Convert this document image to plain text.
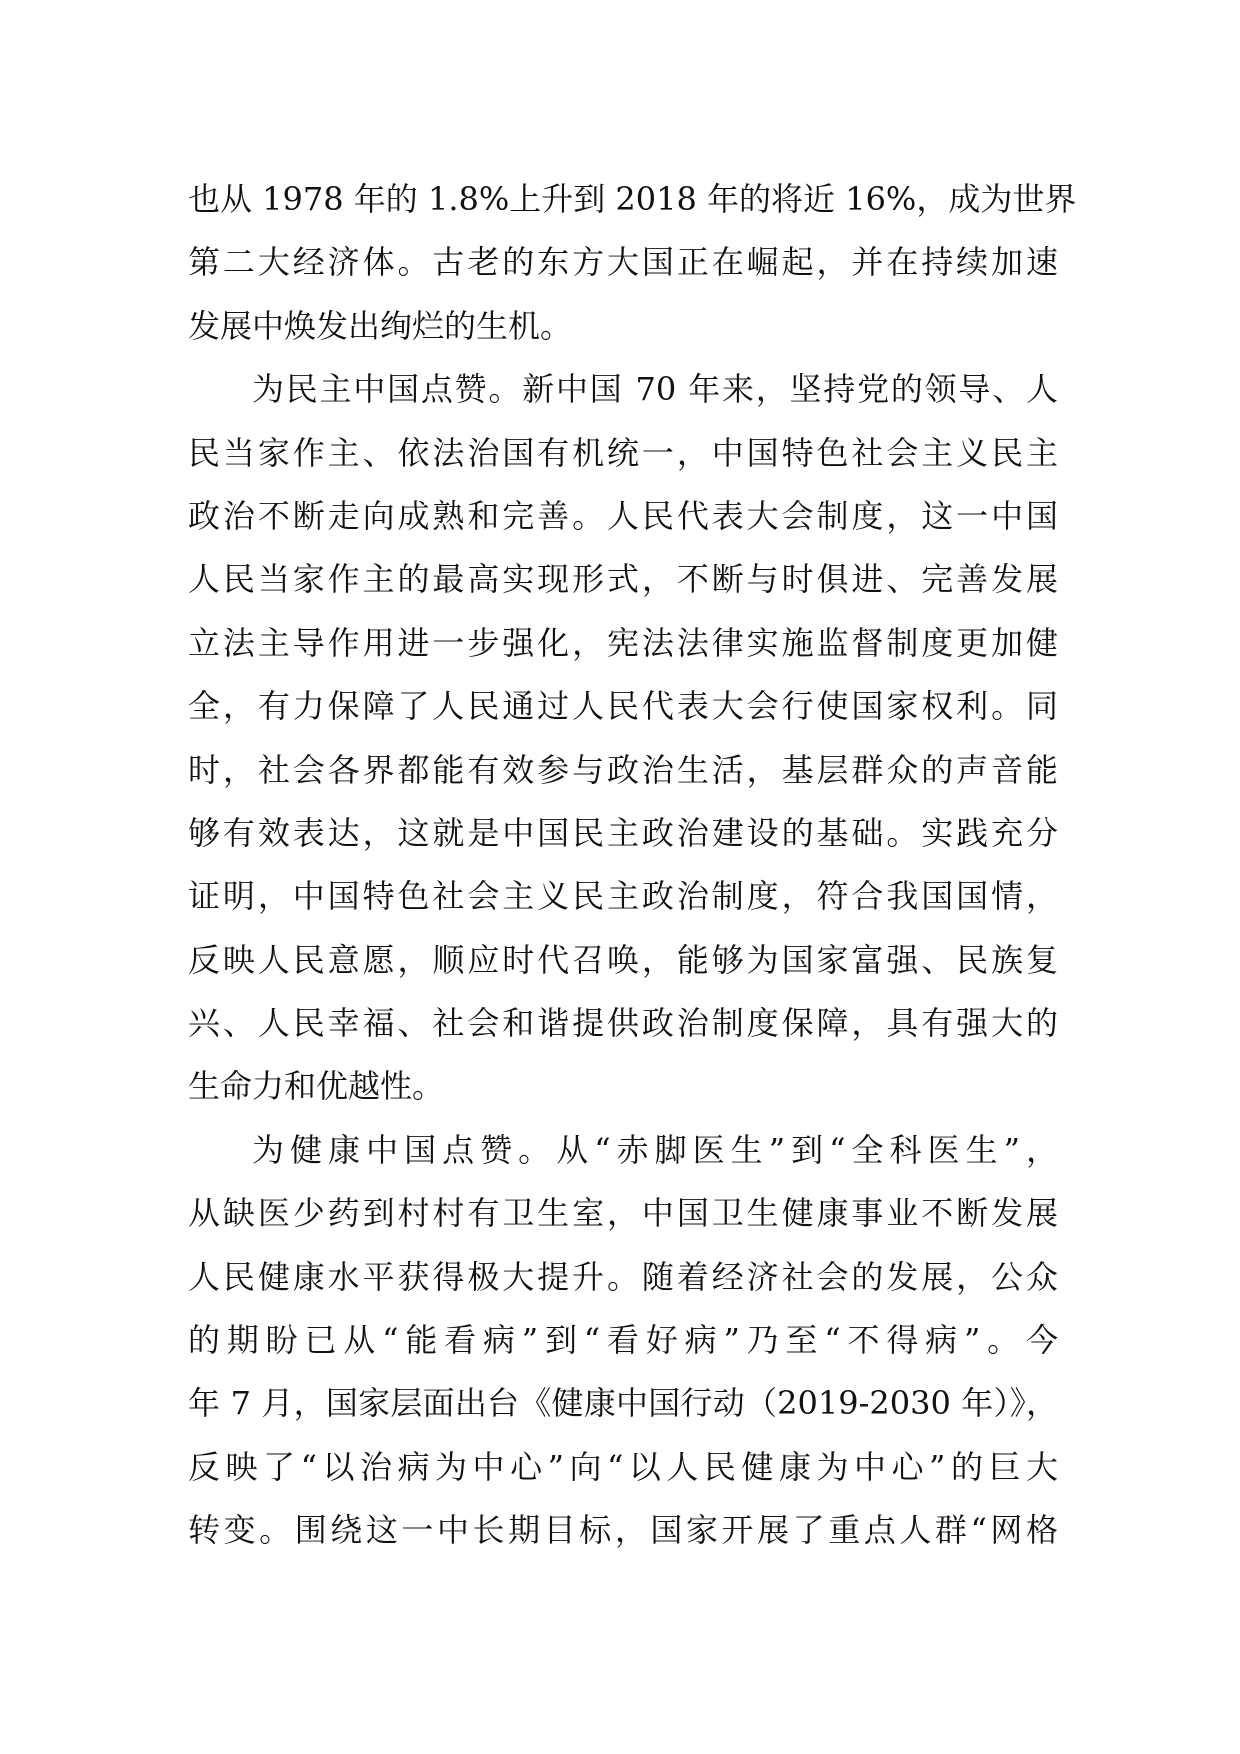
也从 1978 年的 1.8%上升到 2018 年的将近 16%，成为世界
第二大经济体。古老的东方大国正在崛起，并在持续加速
发展中焕发出绚烂的生机。
为民主中国点赞。新中国 70 年来，坚持党的领导、人
民当家作主、依法治国有机统一，中国特色社会主义民主
政治不断走向成熟和完善。人民代表大会制度，这一中国
人民当家作主的最高实现形式，不断与时俱进、完善发展
立法主导作用进一步强化，宪法法律实施监督制度更加健
全，有力保障了人民通过人民代表大会行使国家权利。同
时，社会各界都能有效参与政治生活，基层群众的声音能
够有效表达，这就是中国民主政治建设的基础。实践充分
证明，中国特色社会主义民主政治制度，符合我国国情，
反映人民意愿，顺应时代召唤，能够为国家富强、民族复
兴、人民幸福、社会和谐提供政治制度保障，具有强大的
生命力和优越性。
为健康中国点赞。从“赤脚医生”到“全科医生”，
从缺医少药到村村有卫生室，中国卫生健康事业不断发展
人民健康水平获得极大提升。随着经济社会的发展，公众
的期盼已从“能看病”到“看好病”乃至“不得病”。今
年 7 月，国家层面出台《健康中国行动（2019-2030 年）》，
反映了“以治病为中心”向“以人民健康为中心”的巨大
转变。围绕这一中长期目标，国家开展了重点人群“网格
